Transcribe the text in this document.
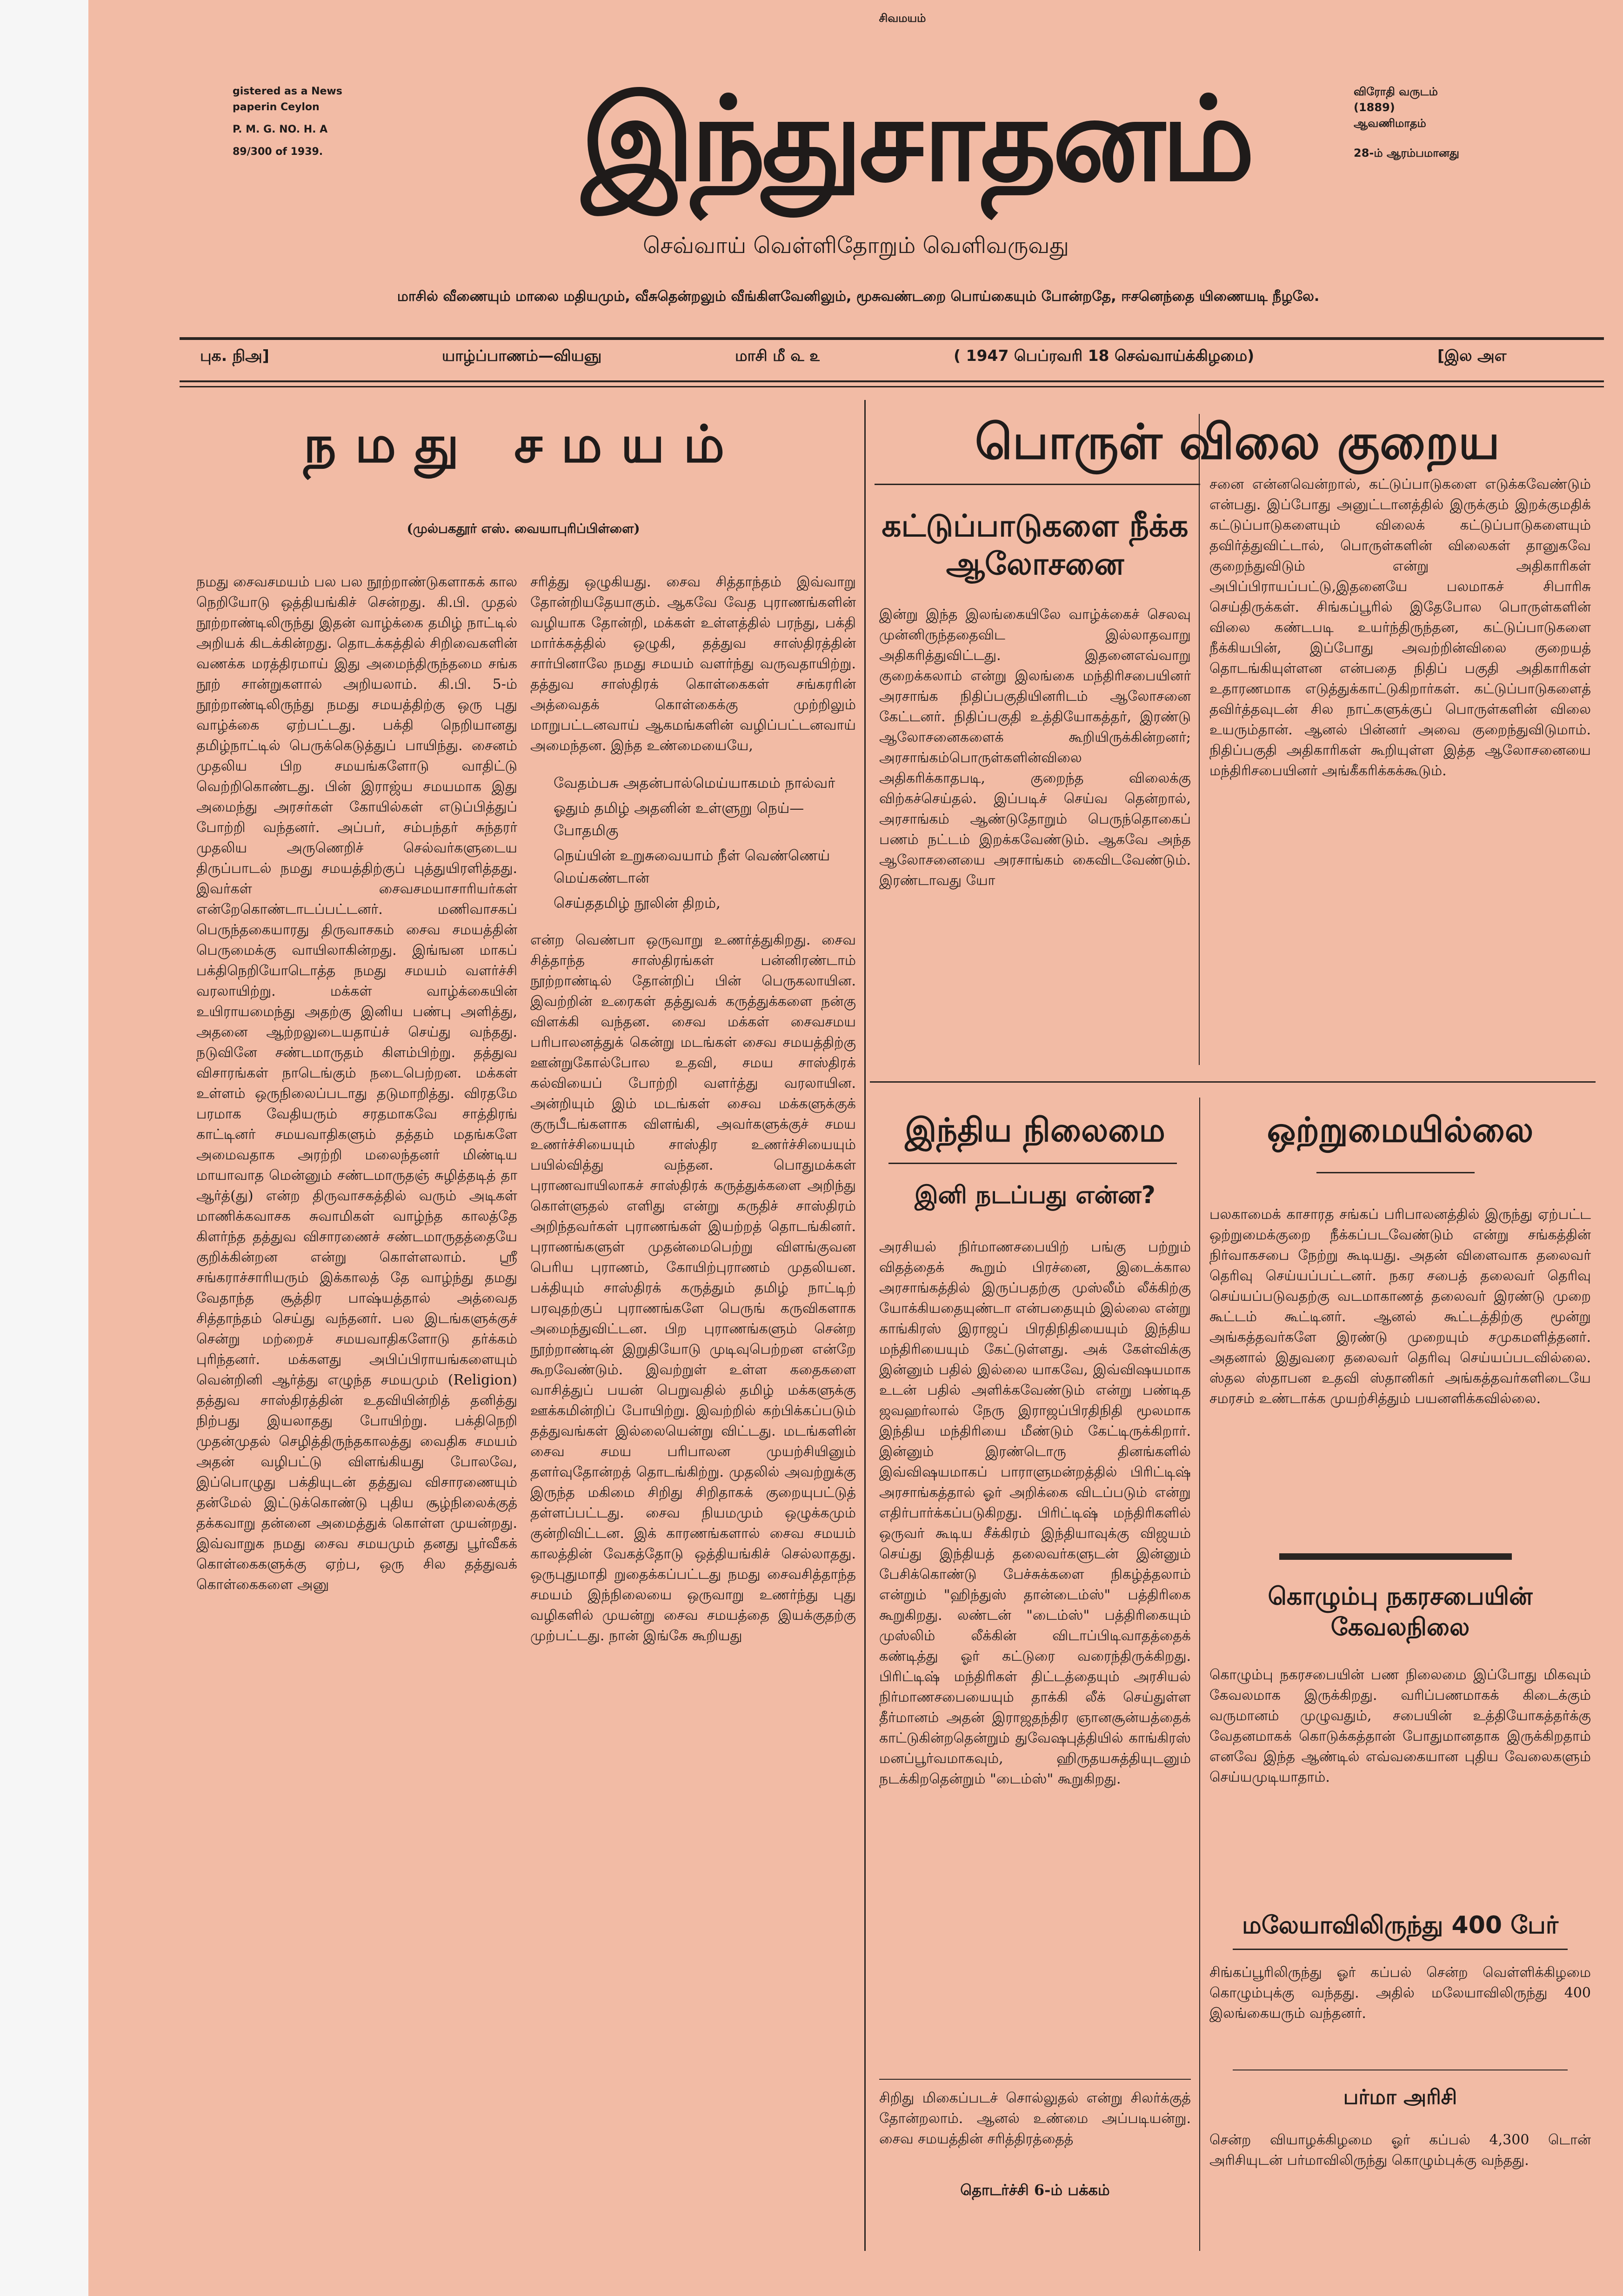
சிவமயம்
gistered as a News
paperin Ceylon
P. M. G. NO. H. A
89/300 of 1939.	இந்துசாதனம்	விரோதி வருடம்
(1889)
ஆவணிமாதம்
28-ம் ஆரம்பமானது
செவ்வாய் வெள்ளிதோறும் வெளிவருவது
மாசில் வீணையும் மாலை மதியமும், வீசுதென்றலும் வீங்கிளவேனிலும், மூசுவண்டறை பொய்கையும் போன்றதே, ஈசனெந்தை யிணையடி நீழலே.
புக. நிஅ]	யாழ்ப்பாணம்—வியஞு	மாசி மீ ௳ ௨	( 1947 பெப்ரவரி 18 செவ்வாய்க்கிழமை)	[இல அஎ
நமது சமயம்
(முல்பகதூர் எஸ். வையாபுரிப்பிள்ளை)
நமது சைவசமயம் பல பல நூற்றாண்டுகளாகக் கால நெறியோடு ஒத்தியங்கிச் சென்றது. கி.பி. முதல் நூற்றாண்டிலிருந்து இதன் வாழ்க்கை தமிழ் நாட்டில் அறியக் கிடக்கின்றது. தொடக்கத்தில் சிறிவைகளின் வணக்க மரத்திரமாய் இது அமைந்திருந்தமை சங்க நூற் சான்றுகளால் அறியலாம். கி.பி. 5-ம் நூற்றாண்டிலிருந்து நமது சமயத்திற்கு ஒரு புது வாழ்க்கை ஏற்பட்டது. பக்தி நெறியானது தமிழ்நாட்டில் பெருக்கெடுத்துப் பாயிந்து. சைனம் முதலிய பிற சமயங்களோடு வாதிட்டு வெற்றிகொண்டது. பின் இராஜ்ய சமயமாக இது அமைந்து அரசர்கள் கோயில்கள் எடுப்பித்துப் போற்றி வந்தனர். அப்பர், சம்பந்தர் சுந்தரர் முதலிய அருணெறிச் செல்வர்களுடைய திருப்பாடல் நமது சமயத்திற்குப் புத்துயிரளித்தது. இவர்கள் சைவசமயாசாரியர்கள் என்றேகொண்டாடப்பட்டனர். மணிவாசகப் பெருந்தகையாரது திருவாசகம் சைவ சமயத்தின் பெருமைக்கு வாயிலாகின்றது. இங்ஙன மாகப் பக்திநெறியோடொத்த நமது சமயம் வளர்ச்சி வரலாயிற்று. மக்கள் வாழ்க்கையின் உயிராயமைந்து அதற்கு இனிய பண்பு அளித்து, அதனை ஆற்றலுடையதாய்ச் செய்து வந்தது. நடுவினே சண்டமாருதம் கிளம்பிற்று. தத்துவ விசாரங்கள் நாடெங்கும் நடைபெற்றன. மக்கள் உள்ளம் ஒருநிலைப்படாது தடுமாறித்து. விரதமே பரமாக வேதியரும் சரதமாகவே சாத்திரங் காட்டினர் சமயவாதிகளும் தத்தம் மதங்களே அமைவதாக அரற்றி மலைந்தனர் மிண்டிய மாயாவாத மென்னும் சண்டமாருதஞ் சுழித்தடித் தா ஆர்த்(து) என்ற திருவாசகத்தில் வரும் அடிகள் மாணிக்கவாசக சுவாமிகள் வாழ்ந்த காலத்தே கிளர்ந்த தத்துவ விசாரணைச் சண்டமாருதத்தையே குறிக்கின்றன என்று கொள்ளலாம். ஸ்ரீ சங்கராச்சாரியரும் இக்காலத் தே வாழ்ந்து தமது வேதாந்த சூத்திர பாஷ்யத்தால் அத்வைத சித்தாந்தம் செய்து வந்தனர். பல இடங்களுக்குச் சென்று மற்றைச் சமயவாதிகளோடு தர்க்கம் புரிந்தனர். மக்களது அபிப்பிராயங்களையும் வென்றினி ஆர்த்து எழுந்த சமயமும் (Religion) தத்துவ சாஸ்திரத்தின் உதவியின்றித் தனித்து நிற்பது இயலாதது போயிற்று. பக்திநெறி முதன்முதல் செழித்திருந்தகாலத்து வைதிக சமயம் அதன் வழிபட்டு விளங்கியது போலவே, இப்பொழுது பக்தியுடன் தத்துவ விசாரணையும் தன்மேல் இட்டுக்கொண்டு புதிய சூழ்நிலைக்குத் தக்கவாறு தன்னை அமைத்துக் கொள்ள முயன்றது. இவ்வாறுக நமது சைவ சமயமும் தனது பூர்வீகக் கொள்கைகளுக்கு ஏற்ப, ஒரு சில தத்துவக் கொள்கைகளை அனு
சரித்து ஒழுகியது. சைவ சித்தாந்தம் இவ்வாறு தோன்றியதேயாகும். ஆகவே வேத புராணங்களின் வழியாக தோன்றி, மக்கள் உள்ளத்தில் பரந்து, பக்தி மார்க்கத்தில் ஒழுகி, தத்துவ சாஸ்திரத்தின் சார்பினாலே நமது சமயம் வளர்ந்து வருவதாயிற்று. தத்துவ சாஸ்திரக் கொள்கைகள் சங்கரரின் அத்வைதக் கொள்கைக்கு முற்றிலும் மாறுபட்டனவாய் ஆகமங்களின் வழிப்பட்டனவாய் அமைந்தன. இந்த உண்மையையே,

வேதம்பசு அதன்பால்மெய்யாகமம் நால்வர்

ஓதும் தமிழ் அதனின் உள்ளுறு நெய்—போதமிகு

நெய்யின் உறுசுவையாம் நீள் வெண்ணெய் மெய்கண்டான்

செய்ததமிழ் நூலின் திறம்,

என்ற வெண்பா ஒருவாறு உணர்த்துகிறது. சைவ சித்தாந்த சாஸ்திரங்கள் பன்னிரண்டாம் நூற்றாண்டில் தோன்றிப் பின் பெருகலாயின. இவற்றின் உரைகள் தத்துவக் கருத்துக்களை நன்கு விளக்கி வந்தன. சைவ மக்கள் சைவசமய பரிபாலனத்துக் கென்று மடங்கள் சைவ சமயத்திற்கு ஊன்றுகோல்போல உதவி, சமய சாஸ்திரக் கல்வியைப் போற்றி வளர்த்து வரலாயின. அன்றியும் இம் மடங்கள் சைவ மக்களுக்குக் குருபீடங்களாக விளங்கி, அவர்களுக்குச் சமய உணர்ச்சியையும் சாஸ்திர உணர்ச்சியையும் பயில்வித்து வந்தன. பொதுமக்கள் புராணவாயிலாகச் சாஸ்திரக் கருத்துக்களை அறிந்து கொள்ளுதல் எளிது என்று கருதிச் சாஸ்திரம் அறிந்தவர்கள் புராணங்கள் இயற்றத் தொடங்கினர். புராணங்களுள் முதன்மைபெற்று விளங்குவன பெரிய புராணம், கோயிற்புராணம் முதலியன. பக்தியும் சாஸ்திரக் கருத்தும் தமிழ் நாட்டிற் பரவுதற்குப் புராணங்களே பெருங் கருவிகளாக அமைந்துவிட்டன. பிற புராணங்களும் சென்ற நூற்றாண்டின் இறுதியோடு முடிவுபெற்றன என்றே கூறவேண்டும். இவற்றுள் உள்ள கதைகளை வாசித்துப் பயன் பெறுவதில் தமிழ் மக்களுக்கு ஊக்கமின்றிப் போயிற்று. இவற்றில் கற்பிக்கப்படும் தத்துவங்கள் இல்லையென்று விட்டது. மடங்களின் சைவ சமய பரிபாலன முயற்சியினும் தளர்வுதோன்றத் தொடங்கிற்று. முதலில் அவற்றுக்கு இருந்த மகிமை சிறிது சிறிதாகக் குறையுபட்டுத் தள்ளப்பட்டது. சைவ நியமமும் ஒழுக்கமும் குன்றிவிட்டன. இக் காரணங்களால் சைவ சமயம் காலத்தின் வேகத்தோடு ஒத்தியங்கிச் செல்லாதது. ஒருபுதுமாதி றுதைக்கப்பட்டது நமது சைவசித்தாந்த சமயம் இந்நிலையை ஒருவாறு உணர்ந்து புது வழிகளில் முயன்று சைவ சமயத்தை இயக்குதற்கு முற்பட்டது. நான் இங்கே கூறியது
பொருள் விலை குறைய
கட்டுப்பாடுகளை நீக்க ஆலோசனை
இன்று இந்த இலங்கையிலே வாழ்க்கைச் செலவு முன்னிருந்ததைவிட இல்லாதவாறு அதிகரித்துவிட்டது. இதனைஎவ்வாறு குறைக்கலாம் என்று இலங்கை மந்திரிசபையினர் அரசாங்க நிதிப்பகுதியினரிடம் ஆலோசனை கேட்டனர். நிதிப்பகுதி உத்தியோகத்தர், இரண்டு ஆலோசனைகளைக் கூறியிருக்கின்றனர்; அரசாங்கம்பொருள்களின்விலை அதிகரிக்காதபடி, குறைந்த விலைக்கு விற்கச்செய்தல். இப்படிச் செய்வ தென்றால், அரசாங்கம் ஆண்டுதோறும் பெருந்தொகைப் பணம் நட்டம் இறக்கவேண்டும். ஆகவே அந்த ஆலோசனையை அரசாங்கம் கைவிடவேண்டும். இரண்டாவது யோ
சனை என்னவென்றால், கட்டுப்பாடுகளை எடுக்கவேண்டும் என்பது. இப்போது அனுட்டானத்தில் இருக்கும் இறக்குமதிக் கட்டுப்பாடுகளையும் விலைக் கட்டுப்பாடுகளையும் தவிர்த்துவிட்டால், பொருள்களின் விலைகள் தானுகவே குறைந்துவிடும் என்று அதிகாரிகள் அபிப்பிராயப்பட்டு,இதனையே பலமாகச் சிபாரிசு செய்திருக்கள். சிங்கப்பூரில் இதேபோல பொருள்களின் விலை கண்டபடி உயர்ந்திருந்தன, கட்டுப்பாடுகளை நீக்கியபின், இப்போது அவற்றின்விலை குறையத் தொடங்கியுள்ளன என்பதை நிதிப் பகுதி அதிகாரிகள் உதாரணமாக எடுத்துக்காட்டுகிறார்கள். கட்டுப்பாடுகளைத் தவிர்த்தவுடன் சில நாட்களுக்குப் பொருள்களின் விலை உயரும்தான். ஆனல் பின்னர் அவை குறைந்துவிடுமாம். நிதிப்பகுதி அதிகாரிகள் கூறியுள்ள இத்த ஆலோசனையை மந்திரிசபையினர் அங்கீகரிக்கக்கூடும்.
இந்திய நிலைமை
இனி நடப்பது என்ன?
அரசியல் நிர்மாணசபையிற் பங்கு பற்றும் விதத்தைக் கூறும் பிரச்னை, இடைக்கால அரசாங்கத்தில் இருப்பதற்கு முஸ்லீம் லீக்கிற்கு யோக்கியதையுண்டா என்பதையும் இல்லை என்று காங்கிரஸ் இராஜப் பிரதிநிதியையும் இந்திய மந்திரியையும் கேட்டுள்ளது. அக் கேள்விக்கு இன்னும் பதில் இல்லை யாகவே, இவ்விஷயமாக உடன் பதில் அளிக்கவேண்டும் என்று பண்டித ஜவஹர்லால் நேரு இராஜப்பிரதிநிதி மூலமாக இந்திய மந்திரியை மீண்டும் கேட்டிருக்கிறார். இன்னும் இரண்டொரு தினங்களில் இவ்விஷயமாகப் பாராளுமன்றத்தில் பிரிட்டிஷ் அரசாங்கத்தால் ஓர் அறிக்கை விடப்படும் என்று எதிர்பார்க்கப்படுகிறது. பிரிட்டிஷ் மந்திரிகளில் ஒருவர் கூடிய சீக்கிரம் இந்தியாவுக்கு விஜயம் செய்து இந்தியத் தலைவர்களுடன் இன்னும் பேசிக்கொண்டு பேச்சுக்களை நிகழ்த்தலாம் என்றும் "ஹிந்துஸ் தான்டைம்ஸ்" பத்திரிகை கூறுகிறது. லண்டன் "டைம்ஸ்" பத்திரிகையும் முஸ்லிம் லீக்கின் விடாப்பிடிவாதத்தைக் கண்டித்து ஓர் கட்டுரை வரைந்திருக்கிறது. பிரிட்டிஷ் மந்திரிகள் திட்டத்தையும் அரசியல் நிர்மாணசபையையும் தாக்கி லீக் செய்துள்ள தீர்மானம் அதன் இராஜதந்திர ஞானசூன்யத்தைக் காட்டுகின்றதென்றும் துவேஷபுத்தியில் காங்கிரஸ் மனப்பூர்வமாகவும், ஹிருதயசுத்தியுடனும் நடக்கிறதென்றும் "டைம்ஸ்" கூறுகிறது.
சிறிது மிகைப்படச் சொல்லுதல் என்று சிலர்க்குத் தோன்றலாம். ஆனல் உண்மை அப்படியன்று. சைவ சமயத்தின் சரித்திரத்தைத்
தொடர்ச்சி 6-ம் பக்கம்
ஒற்றுமையில்லை
பலகாமைக் காசாரத சங்கப் பரிபாலனத்தில் இருந்து ஏற்பட்ட ஒற்றுமைக்குறை நீக்கப்படவேண்டும் என்று சங்கத்தின் நிர்வாகசபை நேற்று கூடியது. அதன் விளைவாக தலைவர் தெரிவு செய்யப்பட்டனர். நகர சபைத் தலைவர் தெரிவு செய்யப்படுவதற்கு வடமாகாணத் தலைவர் இரண்டு முறை கூட்டம் கூட்டினர். ஆனல் கூட்டத்திற்கு மூன்று அங்கத்தவர்களே இரண்டு முறையும் சமுகமளித்தனர். அதனால் இதுவரை தலைவர் தெரிவு செய்யப்படவில்லை. ஸ்தல ஸ்தாபன உதவி ஸ்தானிகர் அங்கத்தவர்களிடையே சமரசம் உண்டாக்க முயற்சித்தும் பயனளிக்கவில்லை.
கொழும்பு நகரசபையின் கேவலநிலை
கொழும்பு நகரசபையின் பண நிலைமை இப்போது மிகவும் கேவலமாக இருக்கிறது. வரிப்பணமாகக் கிடைக்கும் வருமானம் முழுவதும், சபையின் உத்தியோகத்தர்க்கு வேதனமாகக் கொடுக்கத்தான் போதுமானதாக இருக்கிறதாம் எனவே இந்த ஆண்டில் எவ்வகையான புதிய வேலைகளும் செய்யமுடியாதாம்.
மலேயாவிலிருந்து 400 பேர்
சிங்கப்பூரிலிருந்து ஓர் கப்பல் சென்ற வெள்ளிக்கிழமை கொழும்புக்கு வந்தது. அதில் மலேயாவிலிருந்து 400 இலங்கையரும் வந்தனர்.
பர்மா அரிசி
சென்ற வியாழக்கிழமை ஓர் கப்பல் 4,300 டொன் அரிசியுடன் பர்மாவிலிருந்து கொழும்புக்கு வந்தது.
